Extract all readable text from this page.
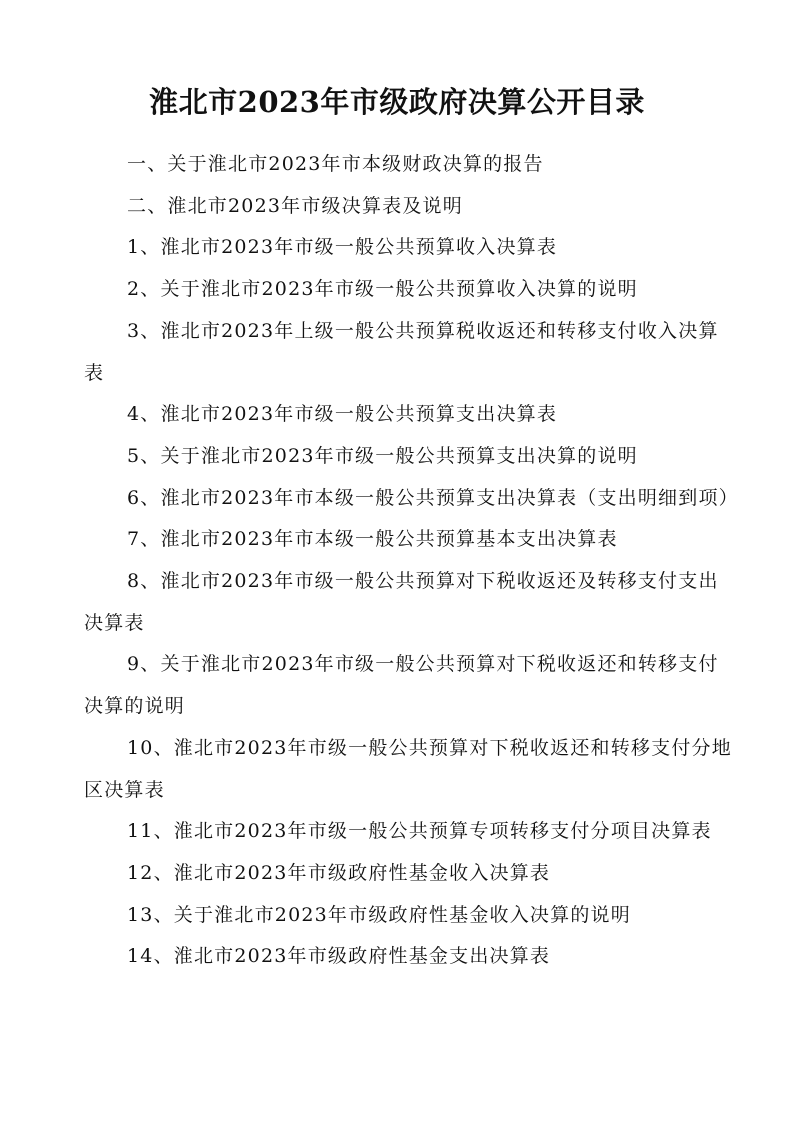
淮北市2023年市级政府决算公开目录
一、关于淮北市2023年市本级财政决算的报告
二、淮北市2023年市级决算表及说明
1、淮北市2023年市级一般公共预算收入决算表
2、关于淮北市2023年市级一般公共预算收入决算的说明
3、淮北市2023年上级一般公共预算税收返还和转移支付收入决算表
4、淮北市2023年市级一般公共预算支出决算表
5、关于淮北市2023年市级一般公共预算支出决算的说明
6、淮北市2023年市本级一般公共预算支出决算表（支出明细到项）
7、淮北市2023年市本级一般公共预算基本支出决算表
8、淮北市2023年市级一般公共预算对下税收返还及转移支付支出决算表
9、关于淮北市2023年市级一般公共预算对下税收返还和转移支付决算的说明
10、淮北市2023年市级一般公共预算对下税收返还和转移支付分地区决算表
11、淮北市2023年市级一般公共预算专项转移支付分项目决算表
12、淮北市2023年市级政府性基金收入决算表
13、关于淮北市2023年市级政府性基金收入决算的说明
14、淮北市2023年市级政府性基金支出决算表
